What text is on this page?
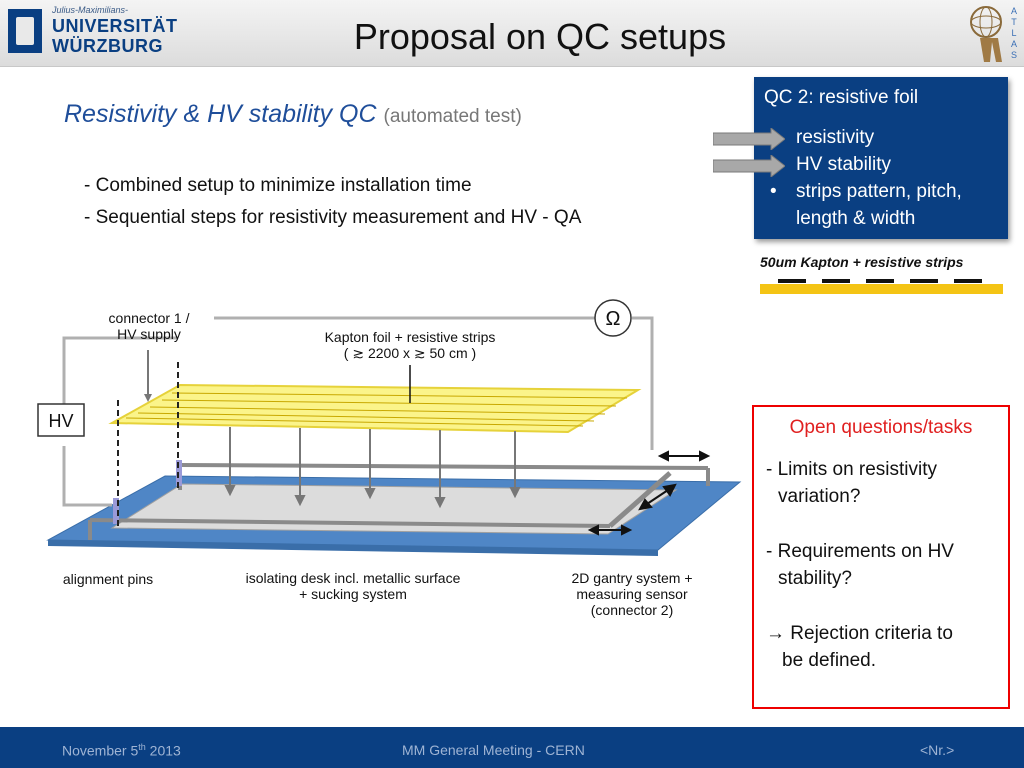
Julius-Maximilians-
UNIVERSITÄT
WÜRZBURG	Proposal on QC setups
A
T
L
A
S
Resistivity & HV stability QC (automated test)
- Combined setup to minimize installation time
- Sequential steps for resistivity measurement and HV - QA
QC 2: resistive foil
resistivity
HV stability
• strips pattern, pitch,
length & width
50um Kapton + resistive strips
Open questions/tasks
- Limits on resistivity
variation?
- Requirements on HV
stability?
→ Rejection criteria to
be defined.
Ω
HV
connector 1 /
HV supply	Kapton foil + resistive strips
( ≳ 2200 x ≳ 50 cm )
alignment pins	isolating desk incl. metallic surface
+ sucking system
2D gantry system +
measuring sensor
(connector 2)
November 5th 2013	MM General Meeting - CERN	<Nr.>
